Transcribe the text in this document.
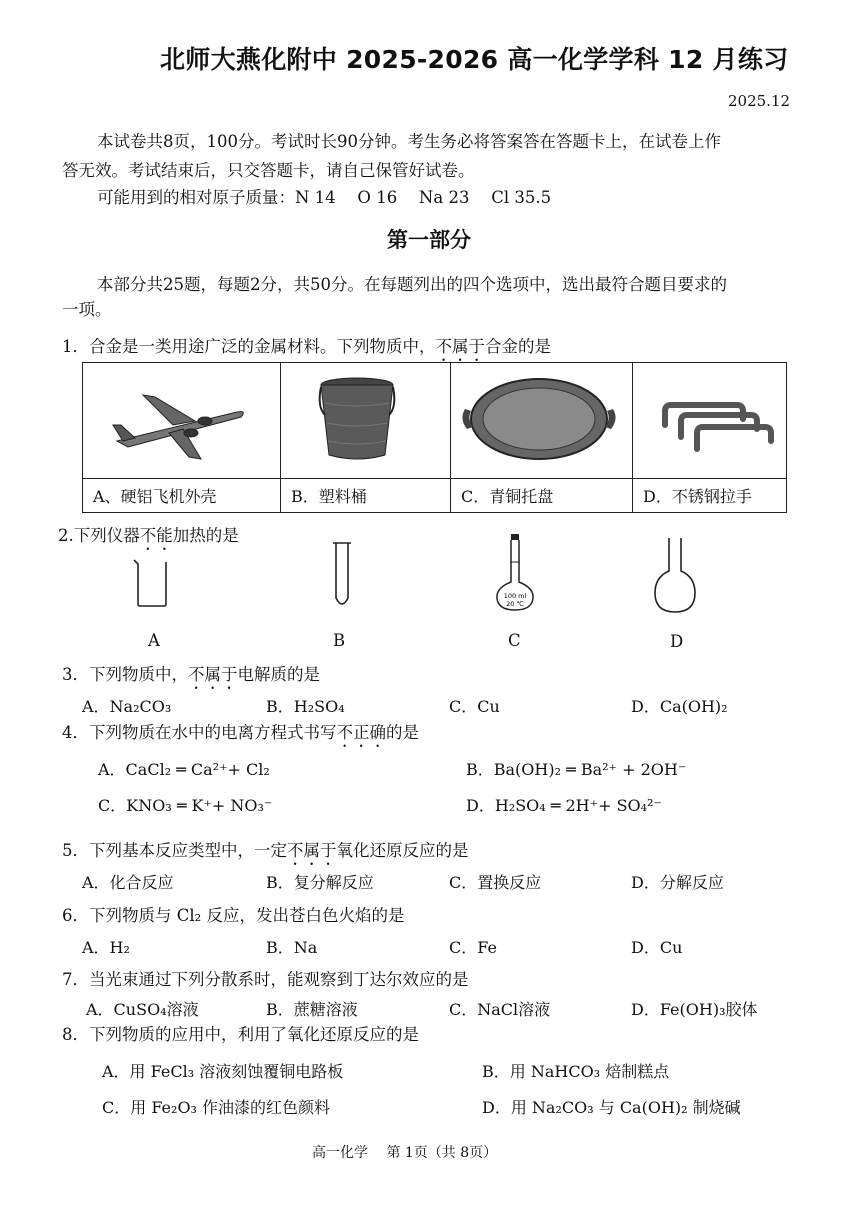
北师大燕化附中 2025-2026 高一化学学科 12 月练习
2025.12
本试卷共8页，100分。考试时长90分钟。考生务必将答案答在答题卡上，在试卷上作
答无效。考试结束后，只交答题卡，请自己保管好试卷。
可能用到的相对原子质量：N 14　 O 16　 Na 23　 Cl 35.5
第一部分
本部分共25题，每题2分，共50分。在每题列出的四个选项中，选出最符合题目要求的
一项。
1．合金是一类用途广泛的金属材料。下列物质中，不属于合金的是

A、硬铝飞机外壳	B．塑料桶	C．青铜托盘	D．不锈钢拉手
2.下列仪器不能加热的是
100 ml
20 ℃
A	B	C	D
3．下列物质中，不属于电解质的是
A．Na₂CO₃	B．H₂SO₄	C．Cu	D．Ca(OH)₂
4．下列物质在水中的电离方程式书写不正确的是
A．CaCl₂ ═ Ca²⁺+ Cl₂	B．Ba(OH)₂ ═ Ba²⁺ + 2OH⁻
C．KNO₃ ═ K⁺+ NO₃⁻	D．H₂SO₄ ═ 2H⁺+ SO₄²⁻
5．下列基本反应类型中，一定不属于氧化还原反应的是
A．化合反应	B．复分解反应	C．置换反应	D．分解反应
6．下列物质与 Cl₂ 反应，发出苍白色火焰的是
A．H₂	B．Na	C．Fe	D．Cu
7．当光束通过下列分散系时，能观察到丁达尔效应的是
A．CuSO₄溶液	B．蔗糖溶液	C．NaCl溶液	D．Fe(OH)₃胶体
8．下列物质的应用中，利用了氧化还原反应的是
A．用 FeCl₃ 溶液刻蚀覆铜电路板	B．用 NaHCO₃ 焙制糕点
C．用 Fe₂O₃ 作油漆的红色颜料	D．用 Na₂CO₃ 与 Ca(OH)₂ 制烧碱
高一化学　 第 1页（共 8页）
